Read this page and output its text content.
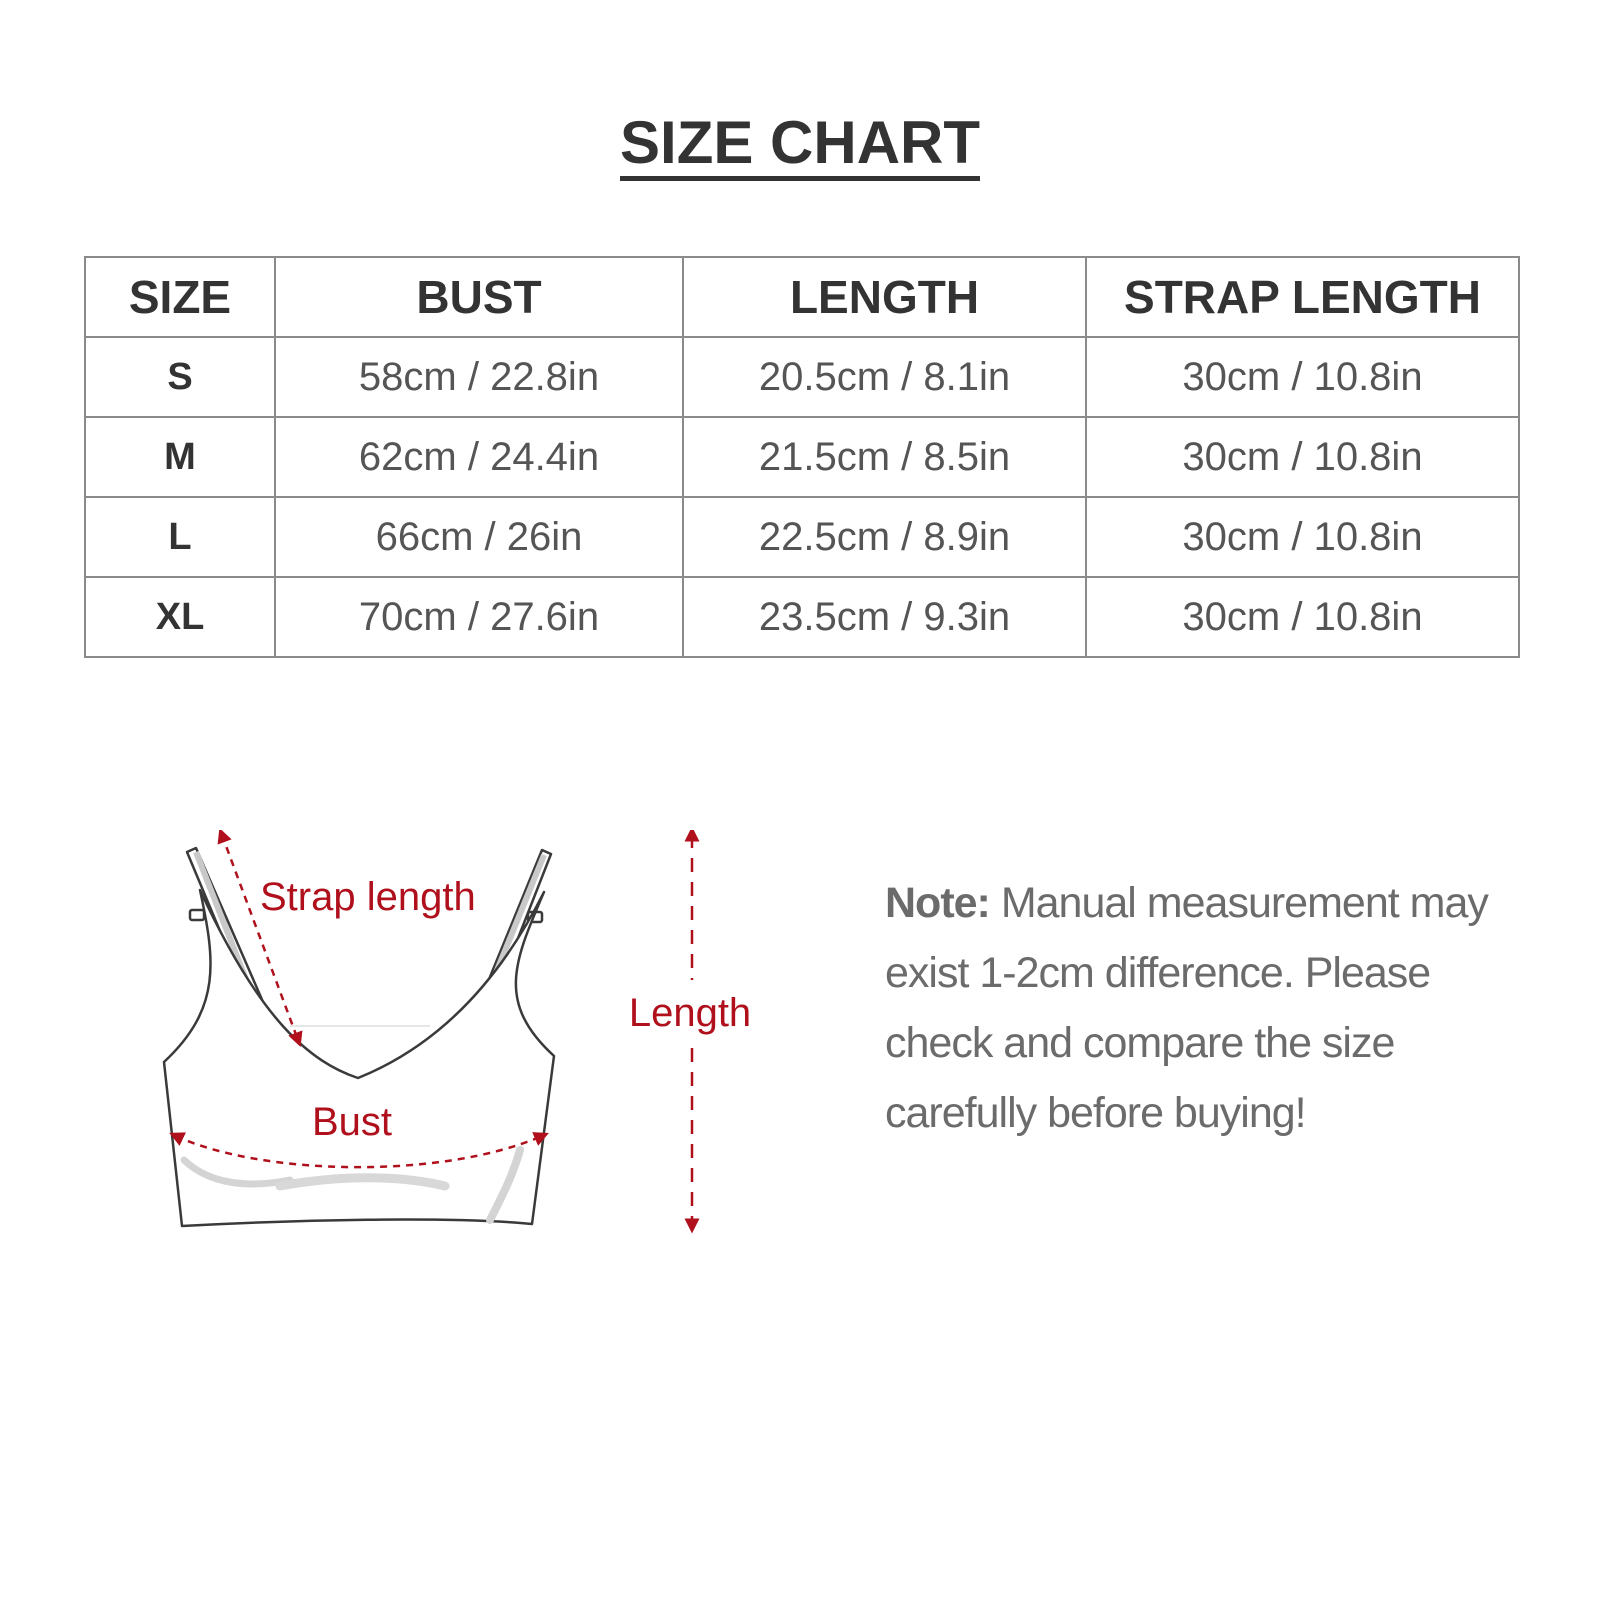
SIZE CHART
SIZE	BUST	LENGTH	STRAP LENGTH
S	58cm / 22.8in	20.5cm / 8.1in	30cm / 10.8in
M	62cm / 24.4in	21.5cm / 8.5in	30cm / 10.8in
L	66cm / 26in	22.5cm / 8.9in	30cm / 10.8in
XL	70cm / 27.6in	23.5cm / 9.3in	30cm / 10.8in
Strap length
Bust
Length
Note: Manual measurement may exist 1-2cm difference. Please check and compare the size carefully before buying!
